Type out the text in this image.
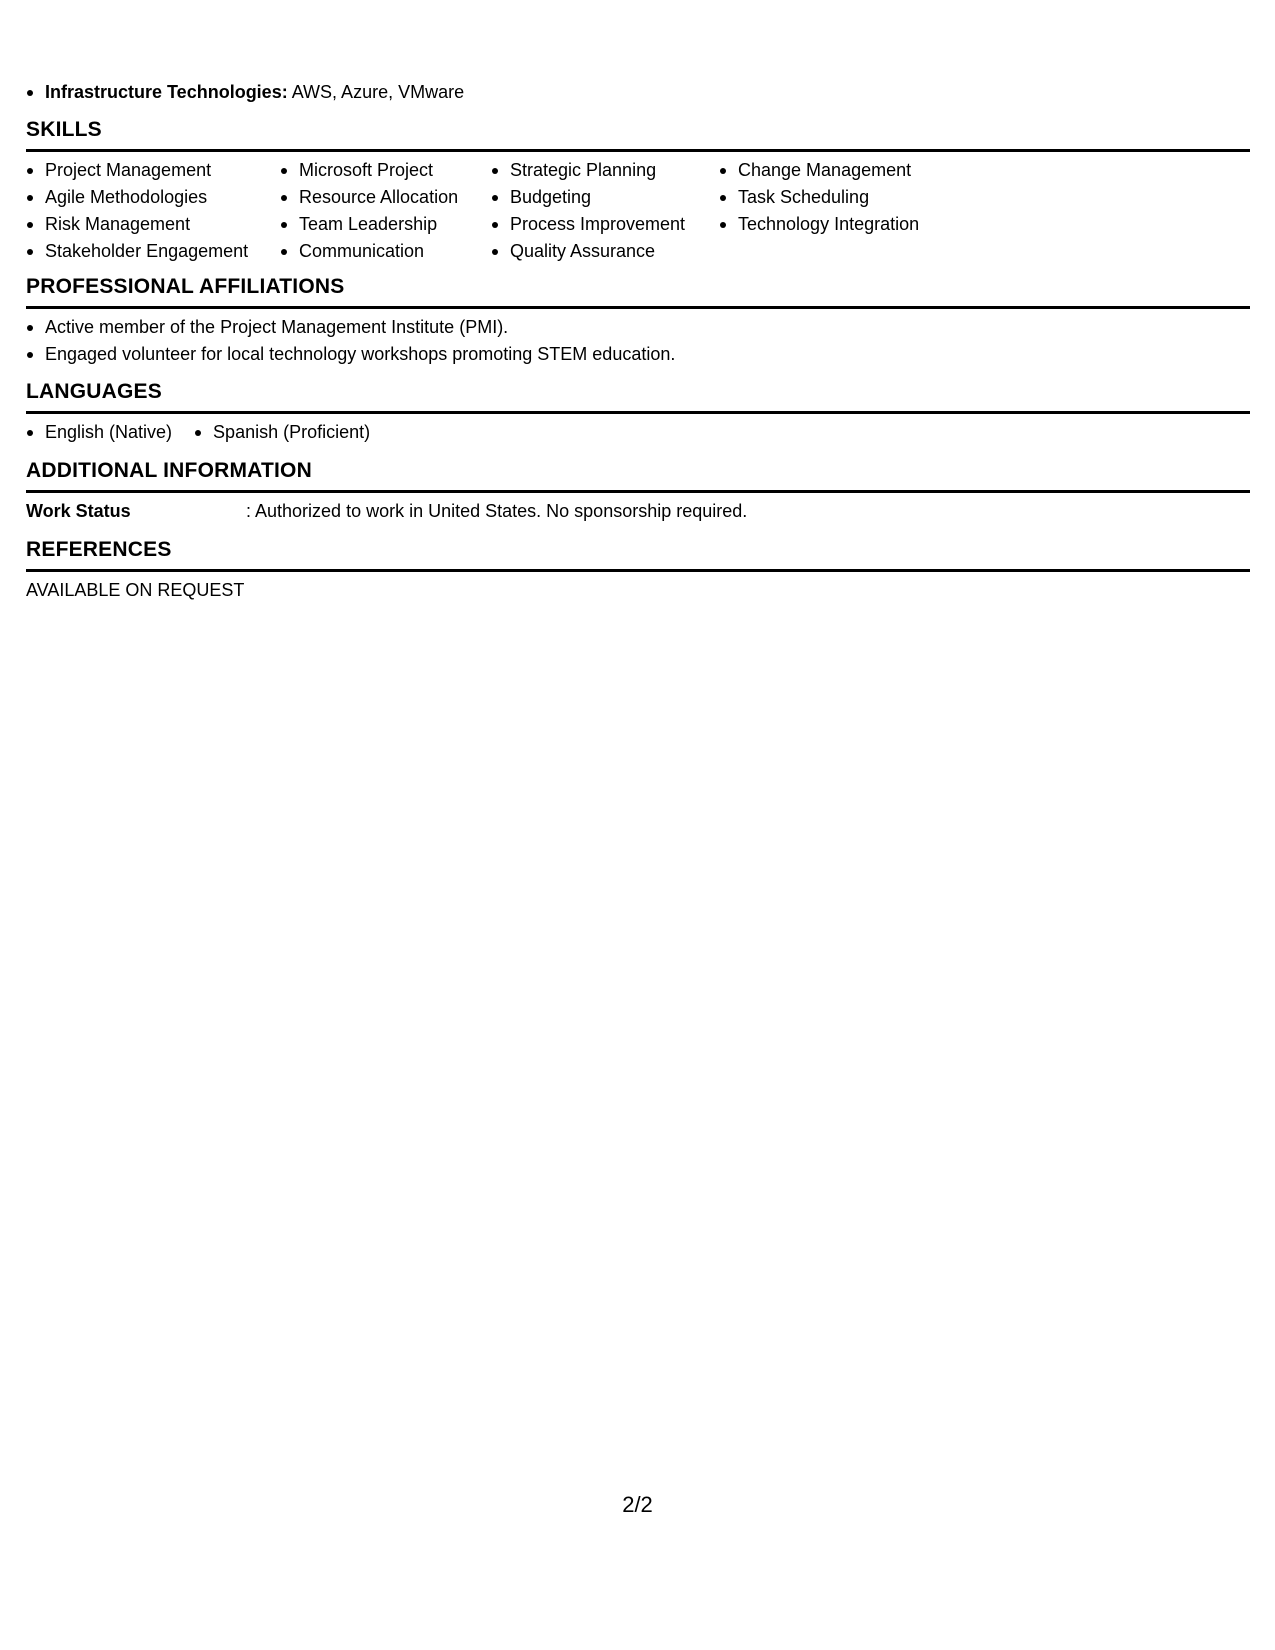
Infrastructure Technologies: AWS, Azure, VMware
SKILLS
Project Management
Agile Methodologies
Risk Management
Stakeholder Engagement
Microsoft Project
Resource Allocation
Team Leadership
Communication
Strategic Planning
Budgeting
Process Improvement
Quality Assurance
Change Management
Task Scheduling
Technology Integration
PROFESSIONAL AFFILIATIONS
Active member of the Project Management Institute (PMI).
Engaged volunteer for local technology workshops promoting STEM education.
LANGUAGES
English (Native)	Spanish (Proficient)
ADDITIONAL INFORMATION
Work Status	: Authorized to work in United States. No sponsorship required.
REFERENCES
AVAILABLE ON REQUEST
2/2
